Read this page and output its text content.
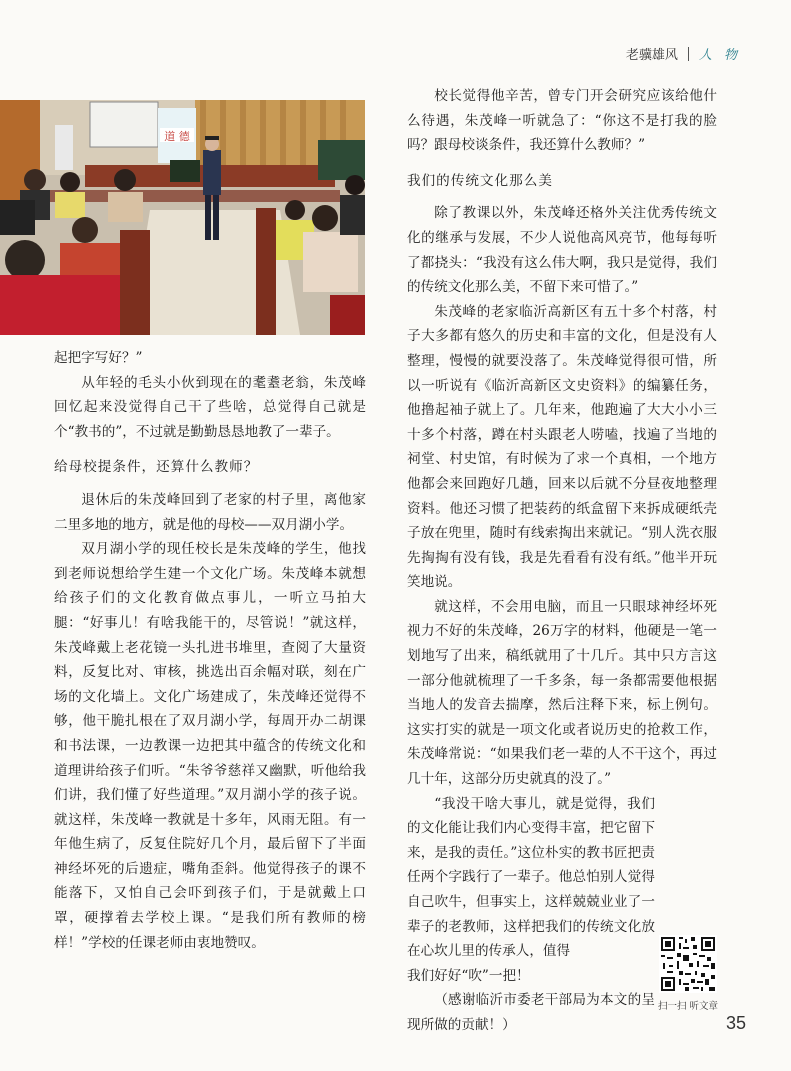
老骥雄风 人 物
道 德

起把字写好？”

从年轻的毛头小伙到现在的耄耋老翁，朱茂峰回忆起来没觉得自己干了些啥，总觉得自己就是个“教书的”，不过就是勤勤恳恳地教了一辈子。

给母校提条件，还算什么教师？

退休后的朱茂峰回到了老家的村子里，离他家二里多地的地方，就是他的母校——双月湖小学。

双月湖小学的现任校长是朱茂峰的学生，他找到老师说想给学生建一个文化广场。朱茂峰本就想给孩子们的文化教育做点事儿，一听立马拍大腿：“好事儿！有啥我能干的，尽管说！”就这样，朱茂峰戴上老花镜一头扎进书堆里，查阅了大量资料，反复比对、审核，挑选出百余幅对联，刻在广场的文化墙上。文化广场建成了，朱茂峰还觉得不够，他干脆扎根在了双月湖小学，每周开办二胡课和书法课，一边教课一边把其中蕴含的传统文化和道理讲给孩子们听。“朱爷爷慈祥又幽默，听他给我们讲，我们懂了好些道理。”双月湖小学的孩子说。就这样，朱茂峰一教就是十多年，风雨无阻。有一年他生病了，反复住院好几个月，最后留下了半面神经坏死的后遗症，嘴角歪斜。他觉得孩子的课不能落下，又怕自己会吓到孩子们，于是就戴上口罩，硬撑着去学校上课。“是我们所有教师的榜样！”学校的任课老师由衷地赞叹。

校长觉得他辛苦，曾专门开会研究应该给他什么待遇，朱茂峰一听就急了：“你这不是打我的脸吗？跟母校谈条件，我还算什么教师？”

我们的传统文化那么美

除了教课以外，朱茂峰还格外关注优秀传统文化的继承与发展，不少人说他高风亮节，他每每听了都挠头：“我没有这么伟大啊，我只是觉得，我们的传统文化那么美，不留下来可惜了。”

朱茂峰的老家临沂高新区有五十多个村落，村子大多都有悠久的历史和丰富的文化，但是没有人整理，慢慢的就要没落了。朱茂峰觉得很可惜，所以一听说有《临沂高新区文史资料》的编纂任务，他撸起袖子就上了。几年来，他跑遍了大大小小三十多个村落，蹲在村头跟老人唠嗑，找遍了当地的祠堂、村史馆，有时候为了求一个真相，一个地方他都会来回跑好几趟，回来以后就不分昼夜地整理资料。他还习惯了把装药的纸盒留下来拆成硬纸壳子放在兜里，随时有线索掏出来就记。“别人洗衣服先掏掏有没有钱，我是先看看有没有纸。”他半开玩笑地说。

就这样，不会用电脑，而且一只眼球神经坏死视力不好的朱茂峰，26万字的材料，他硬是一笔一划地写了出来，稿纸就用了十几斤。其中只方言这一部分他就梳理了一千多条，每一条都需要他根据当地人的发音去揣摩，然后注释下来，标上例句。这实打实的就是一项文化或者说历史的抢救工作，朱茂峰常说：“如果我们老一辈的人不干这个，再过几十年，这部分历史就真的没了。”

“我没干啥大事儿，就是觉得，我们的文化能让我们内心变得丰富，把它留下来，是我的责任。”这位朴实的教书匠把责任两个字践行了一辈子。他总怕别人觉得自己吹牛，但事实上，这样兢兢业业了一辈子的老教师，这样把我们的传统文化放在心坎儿里的传承人，值得

我们好好“吹”一把！

（感谢临沂市委老干部局为本文的呈现所做的贡献！）

扫一扫 听文章
35
